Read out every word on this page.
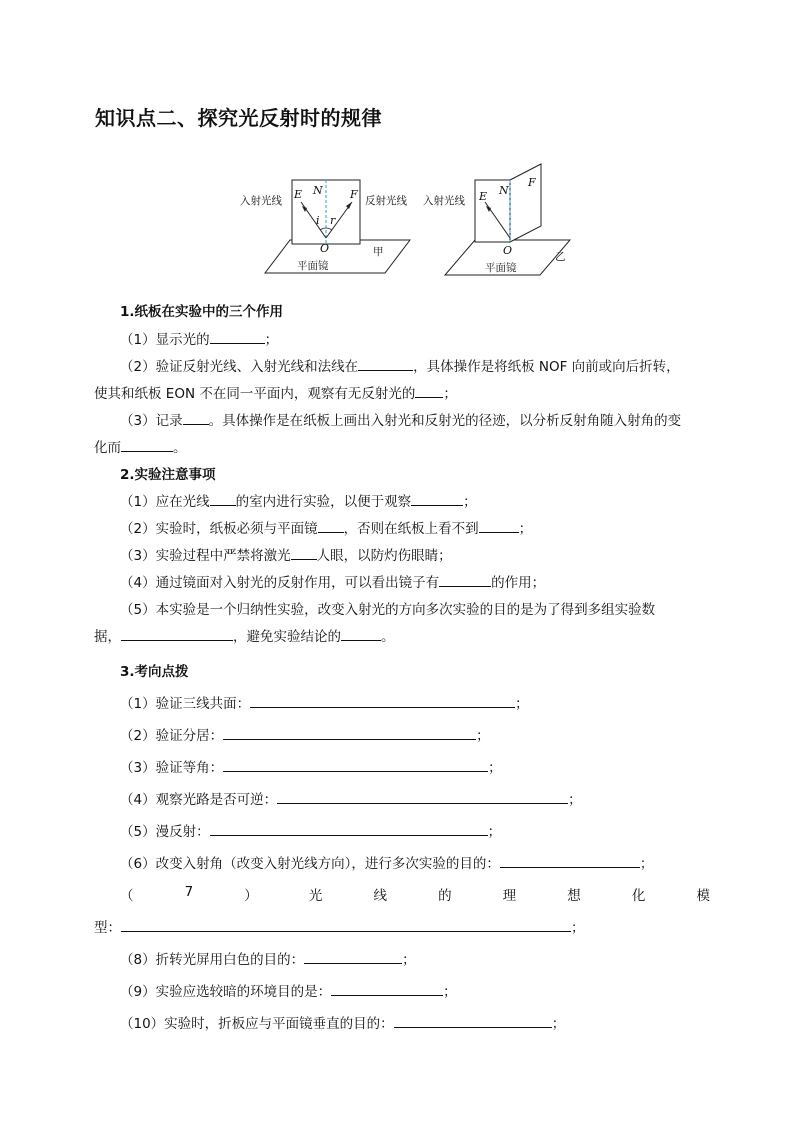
知识点二、探究光反射时的规律
入射光线	反射光线
平面镜
甲
E N F
i r
O
入射光线
平面镜
乙
E N
F
O
1.纸板在实验中的三个作用
（1）显示光的	；
（2）验证反射光线、入射光线和法线在	，具体操作是将纸板 NOF 向前或向后折转，
使其和纸板 EON 不在同一平面内，观察有无反射光的 ；
（3）记录 。具体操作是在纸板上画出入射光和反射光的径迹，以分析反射角随入射角的变
化而	。
2.实验注意事项
（1）应在光线 的室内进行实验，以便于观察	；
（2）实验时，纸板必须与平面镜 ，否则在纸板上看不到	；
（3）实验过程中严禁将激光 人眼，以防灼伤眼睛；
（4）通过镜面对入射光的反射作用，可以看出镜子有	的作用；
（5）本实验是一个归纳性实验，改变入射光的方向多次实验的目的是为了得到多组实验数
据，	，避免实验结论的	。
3.考向点拨
（1）验证三线共面：	；
（2）验证分居：	；
（3）验证等角：	；
（4）观察光路是否可逆：	；
（5）漫反射：	；
（6）改变入射角（改变入射光线方向），进行多次实验的目的：	；
（	7	）	光	线	的	理	想	化	模
型：	；
（8）折转光屏用白色的目的：	；
（9）实验应选较暗的环境目的是：	；
（10）实验时，折板应与平面镜垂直的目的：	；
